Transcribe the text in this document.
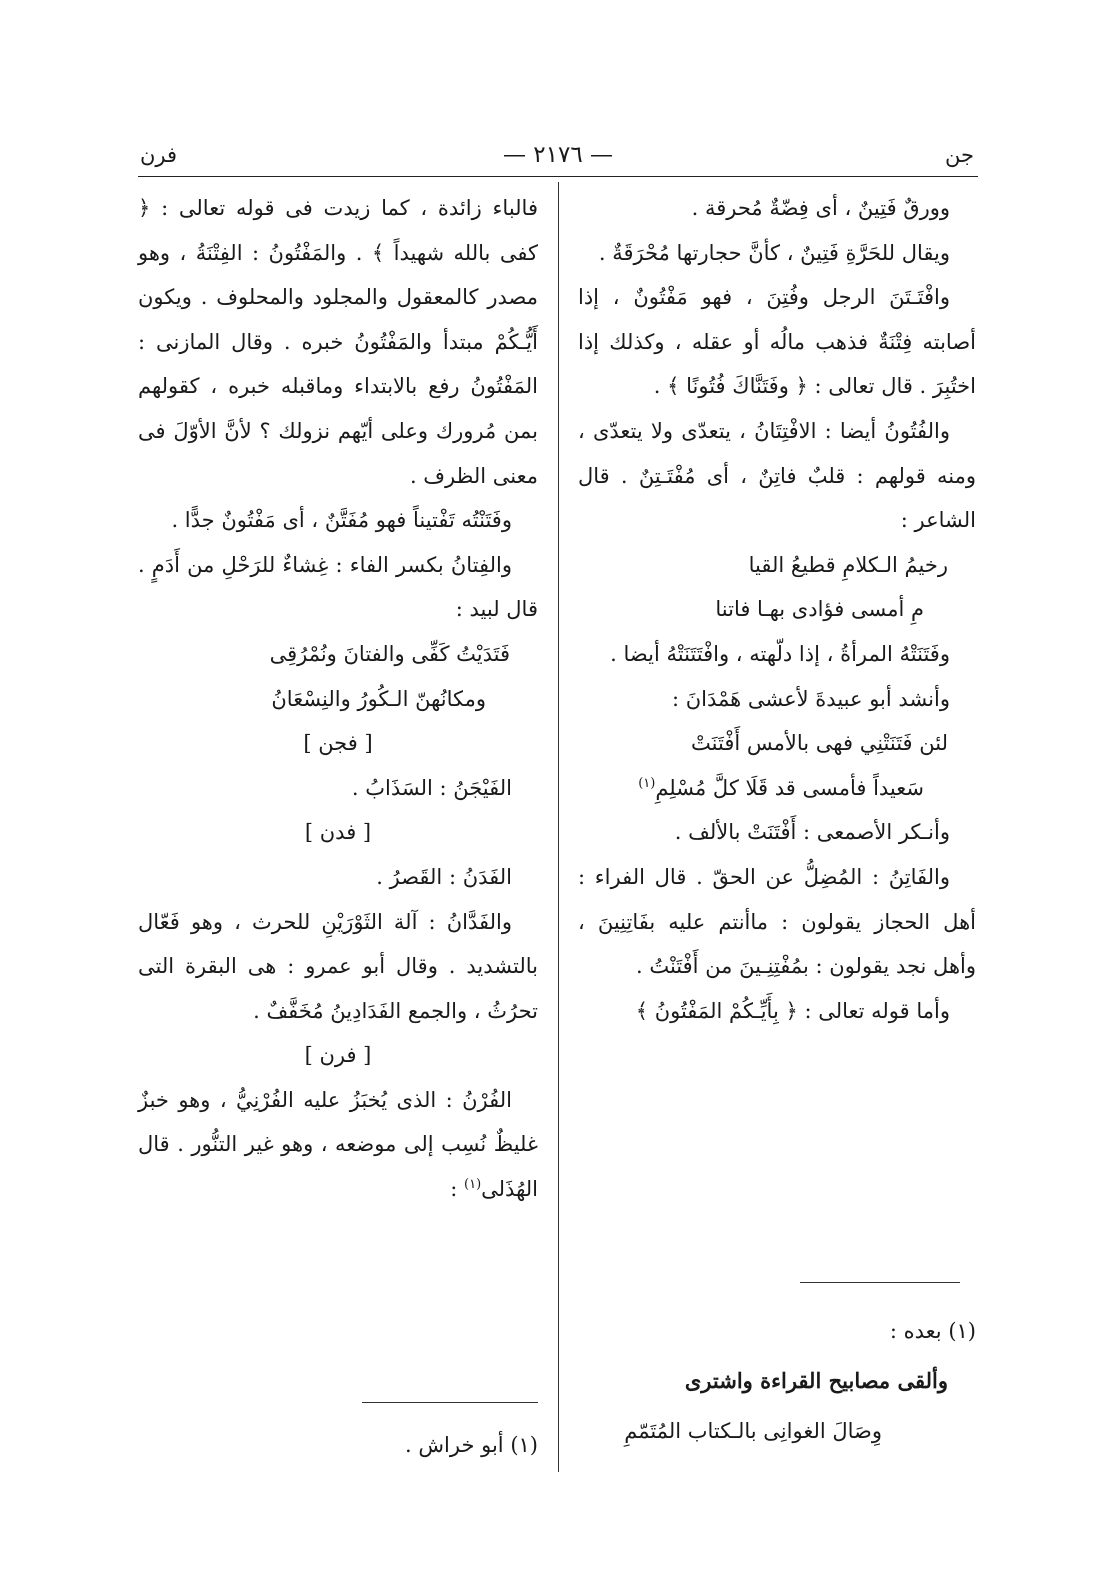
جن
— ٢١٧٦ —
فرن

وورقٌ فَتِينٌ ، أى فِضّةٌ مُحرقة .

ويقال للحَرَّةِ فَتِينٌ ، كأنَّ حجارتها مُحْرَقَةٌ .

وافْتَـتَنَ الرجل وفُتِنَ ، فهو مَفْتُونٌ ، إذا أصابته فِتْنَةٌ فذهب مالُه أو عقله ، وكذلك إذا اختُبِرَ . قال تعالى : ﴿ وفَتَنَّاكَ فُتُونًا ﴾ .

والفُتُونُ أيضا : الافْتِتَانُ ، يتعدّى ولا يتعدّى ، ومنه قولهم : قلبٌ فاتِنٌ ، أى مُفْتَـتِنٌ . قال الشاعر :

رخيمُ الـكلامِ قطيعُ القيا

مِ أمسى فؤادى بهـا فاتنا

وفَتَنَتْهُ المرأةُ ، إذا دلّهته ، وافْتَتَنَتْهُ أيضا .

وأنشد أبو عبيدةَ لأعشى هَمْدَانَ :

لئن فَتَنَتْنِي فهى بالأمس أَفْتَنَتْ

سَعيداً فأمسى قد قَلَا كلَّ مُسْلِمِ$^{(١)}$

وأنـكر الأصمعى : أَفْتَنَتْ بالألف .

والفَاتِنُ : المُضِلُّ عن الحقّ . قال الفراء : أهل الحجاز يقولون : ماأنتم عليه بفَاتِنِينَ ، وأهل نجد يقولون : بمُفْتِنِـينَ من أَفْتَنْتُ .

وأما قوله تعالى : ﴿ بِأَيِّـكُمْ المَفْتُونُ ﴾

فالباء زائدة ، كما زيدت فى قوله تعالى : ﴿ كفى بالله شهيداً ﴾ . والمَفْتُونُ : الفِتْنَةُ ، وهو مصدر كالمعقول والمجلود والمحلوف . ويكون أَيُّـكُمْ مبتدأ والمَفْتُونُ خبره . وقال المازنى : المَفْتُونُ رفع بالابتداء وماقبله خبره ، كقولهم بمن مُرورك وعلى أيّهم نزولك ؟ لأنَّ الأوّلَ فى معنى الظرف .

وفَتَنْتُه تَفْتيناً فهو مُفَتَّنٌ ، أى مَفْتُونٌ جدًّا .

والفِتانُ بكسر الفاء : غِشاءٌ للرَحْلِ من أَدَمٍ . قال لبيد :

فَتَدَيْتُ كَفِّى والفتانَ ونُمْرُقِى

ومكانُهنّ الـكُورُ والنِسْعَانُ

[ فجن ]

الفَيْجَنُ : السَذَابُ .

[ فدن ]

الفَدَنُ : القَصرُ .

والفَدَّانُ : آلة الثَوْرَيْنِ للحرث ، وهو فَعّال بالتشديد . وقال أبو عمرو : هى البقرة التى تحرُثُ ، والجمع الفَدَادِينُ مُخَفَّفٌ .

[ فرن ]

الفُرْنُ : الذى يُخبَزُ عليه الفُرْنِيُّ ، وهو خبزٌ غليظٌ نُسِب إلى موضعه ، وهو غير التنُّور . قال الهُذَلى$^{(١)}$ :

(١) بعده :

وألقى مصابيح القراءة واشترى

وِصَالَ الغوانِى بالـكتاب المُتَمّمِ

(١) أبو خراش .
